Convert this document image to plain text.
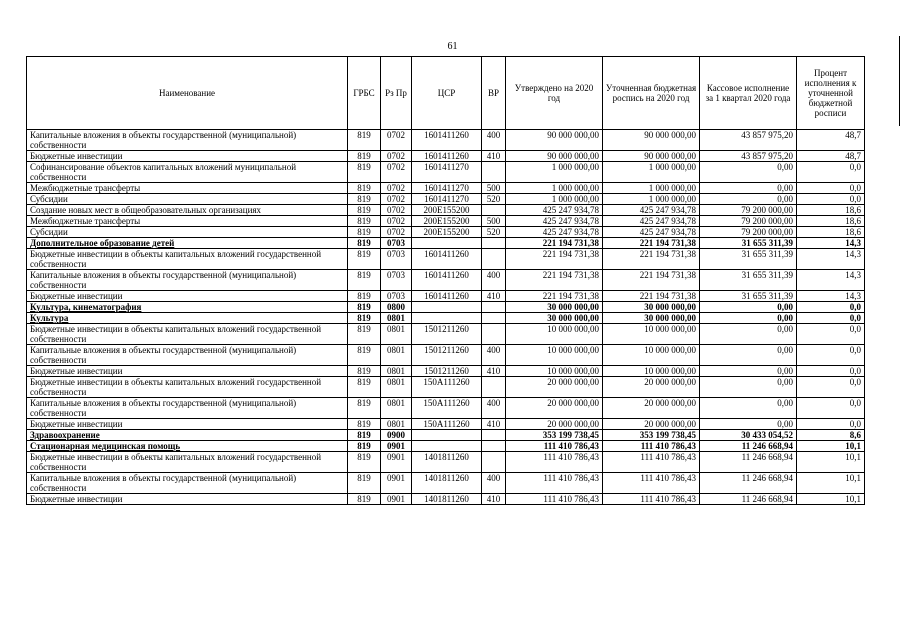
61
Наименование	ГРБС	Рз Пр	ЦСР	ВР	Утверждено на 2020 год	Уточненная бюджетная роспись на 2020 год	Кассовое исполнение за 1 квартал 2020 года	Процент исполнения к уточненной бюджетной росписи
Капитальные вложения в объекты государственной (муниципальной) собственности	819	0702	1601411260	400	90 000 000,00	90 000 000,00	43 857 975,20	48,7
Бюджетные инвестиции	819	0702	1601411260	410	90 000 000,00	90 000 000,00	43 857 975,20	48,7
Софинансирование объектов капитальных вложений муниципальной собственности	819	0702	1601411270		1 000 000,00	1 000 000,00	0,00	0,0
Межбюджетные трансферты	819	0702	1601411270	500	1 000 000,00	1 000 000,00	0,00	0,0
Субсидии	819	0702	1601411270	520	1 000 000,00	1 000 000,00	0,00	0,0
Создание новых мест в общеобразовательных организациях	819	0702	200E155200		425 247 934,78	425 247 934,78	79 200 000,00	18,6
Межбюджетные трансферты	819	0702	200E155200	500	425 247 934,78	425 247 934,78	79 200 000,00	18,6
Субсидии	819	0702	200E155200	520	425 247 934,78	425 247 934,78	79 200 000,00	18,6
Дополнительное образование детей	819	0703			221 194 731,38	221 194 731,38	31 655 311,39	14,3
Бюджетные инвестиции в объекты капитальных вложений государственной собственности	819	0703	1601411260		221 194 731,38	221 194 731,38	31 655 311,39	14,3
Капитальные вложения в объекты государственной (муниципальной) собственности	819	0703	1601411260	400	221 194 731,38	221 194 731,38	31 655 311,39	14,3
Бюджетные инвестиции	819	0703	1601411260	410	221 194 731,38	221 194 731,38	31 655 311,39	14,3
Культура, кинематография	819	0800			30 000 000,00	30 000 000,00	0,00	0,0
Культура	819	0801			30 000 000,00	30 000 000,00	0,00	0,0
Бюджетные инвестиции в объекты капитальных вложений государственной собственности	819	0801	1501211260		10 000 000,00	10 000 000,00	0,00	0,0
Капитальные вложения в объекты государственной (муниципальной) собственности	819	0801	1501211260	400	10 000 000,00	10 000 000,00	0,00	0,0
Бюджетные инвестиции	819	0801	1501211260	410	10 000 000,00	10 000 000,00	0,00	0,0
Бюджетные инвестиции в объекты капитальных вложений государственной собственности	819	0801	150A111260		20 000 000,00	20 000 000,00	0,00	0,0
Капитальные вложения в объекты государственной (муниципальной) собственности	819	0801	150A111260	400	20 000 000,00	20 000 000,00	0,00	0,0
Бюджетные инвестиции	819	0801	150A111260	410	20 000 000,00	20 000 000,00	0,00	0,0
Здравоохранение	819	0900			353 199 738,45	353 199 738,45	30 433 054,52	8,6
Стационарная медицинская помощь	819	0901			111 410 786,43	111 410 786,43	11 246 668,94	10,1
Бюджетные инвестиции в объекты капитальных вложений государственной собственности	819	0901	1401811260		111 410 786,43	111 410 786,43	11 246 668,94	10,1
Капитальные вложения в объекты государственной (муниципальной) собственности	819	0901	1401811260	400	111 410 786,43	111 410 786,43	11 246 668,94	10,1
Бюджетные инвестиции	819	0901	1401811260	410	111 410 786,43	111 410 786,43	11 246 668,94	10,1
